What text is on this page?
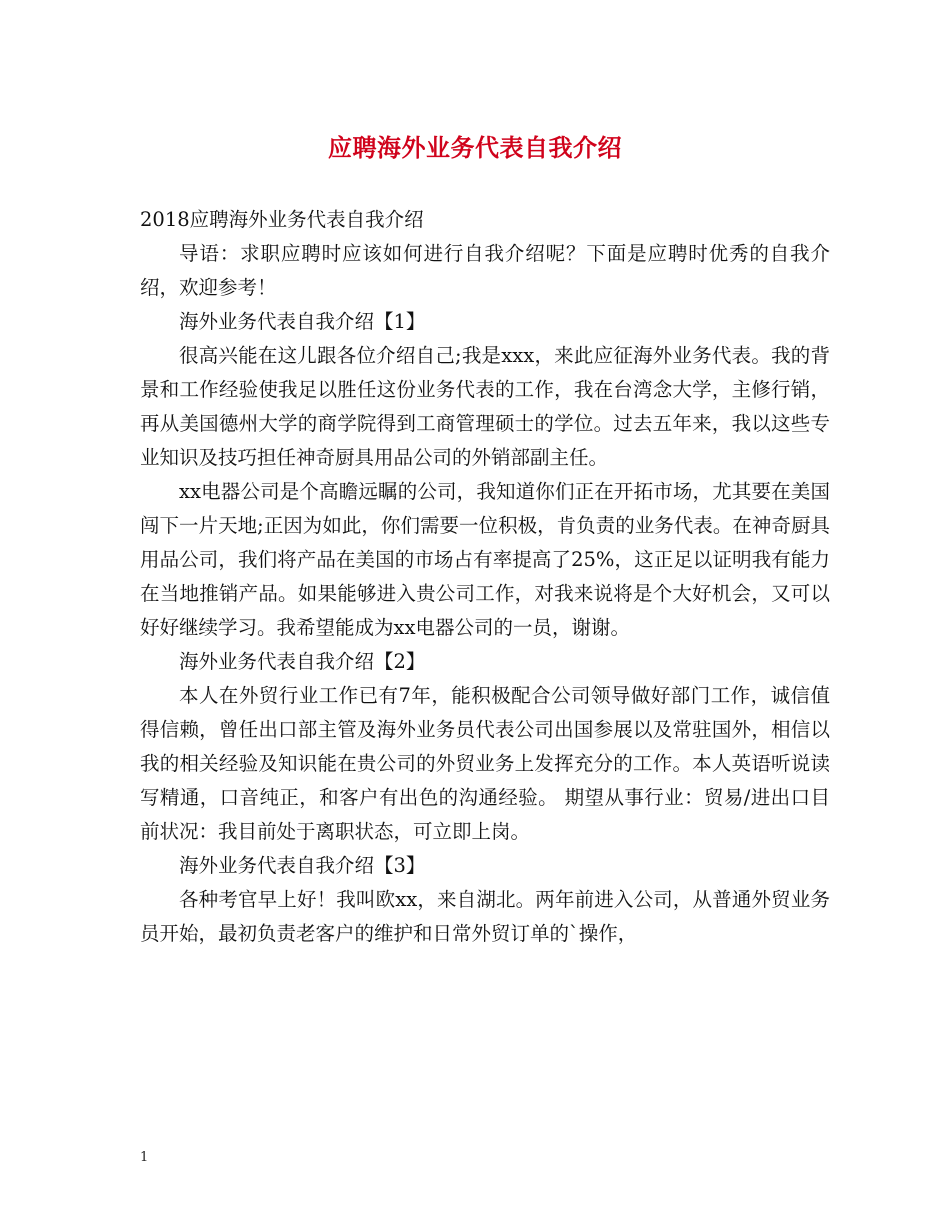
应聘海外业务代表自我介绍

2018应聘海外业务代表自我介绍

导语：求职应聘时应该如何进行自我介绍呢？下面是应聘时优秀的自我介绍，欢迎参考！

海外业务代表自我介绍【1】

很高兴能在这儿跟各位介绍自己;我是xxx，来此应征海外业务代表。我的背景和工作经验使我足以胜任这份业务代表的工作，我在台湾念大学，主修行销，再从美国德州大学的商学院得到工商管理硕士的学位。过去五年来，我以这些专业知识及技巧担任神奇厨具用品公司的外销部副主任。

xx电器公司是个高瞻远瞩的公司，我知道你们正在开拓市场，尤其要在美国闯下一片天地;正因为如此，你们需要一位积极，肯负责的业务代表。在神奇厨具用品公司，我们将产品在美国的市场占有率提高了25%，这正足以证明我有能力在当地推销产品。如果能够进入贵公司工作，对我来说将是个大好机会，又可以好好继续学习。我希望能成为xx电器公司的一员，谢谢。

海外业务代表自我介绍【2】

本人在外贸行业工作已有7年，能积极配合公司领导做好部门工作，诚信值得信赖，曾任出口部主管及海外业务员代表公司出国参展以及常驻国外，相信以我的相关经验及知识能在贵公司的外贸业务上发挥充分的工作。本人英语听说读写精通，口音纯正，和客户有出色的沟通经验。 期望从事行业：贸易/进出口目前状况：我目前处于离职状态，可立即上岗。

海外业务代表自我介绍【3】

各种考官早上好！我叫欧xx，来自湖北。两年前进入公司，从普通外贸业务员开始，最初负责老客户的维护和日常外贸订单的`操作，

1
